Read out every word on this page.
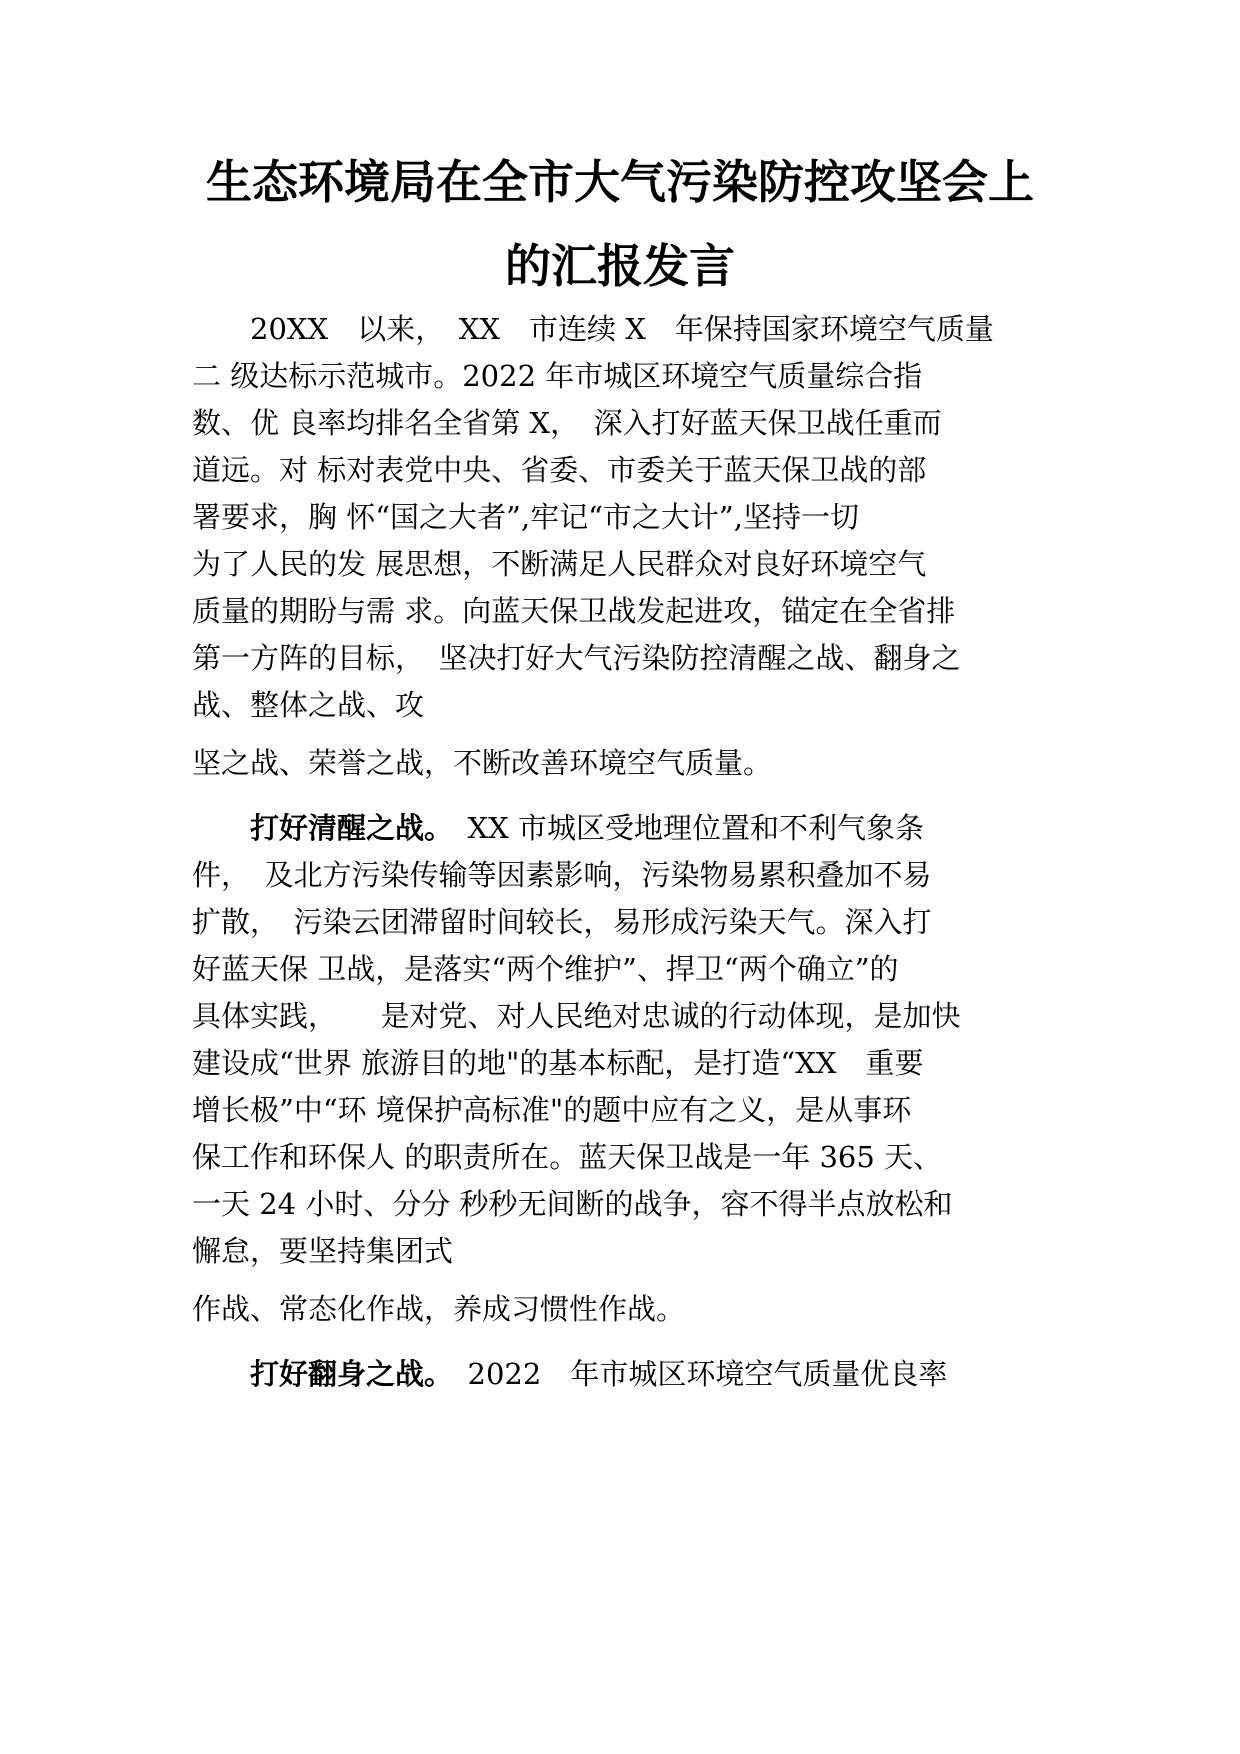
生态环境局在全市大气污染防控攻坚会上
的汇报发言
　　20XX　以来，　XX　市连续 X　年保持国家环境空气质量
二 级达标示范城市。2022 年市城区环境空气质量综合指
数、优 良率均排名全省第 X，　深入打好蓝天保卫战任重而
道远。对 标对表党中央、省委、市委关于蓝天保卫战的部
署要求，胸 怀“国之大者”,牢记“市之大计”,坚持一切
为了人民的发 展思想，不断满足人民群众对良好环境空气
质量的期盼与需 求。向蓝天保卫战发起进攻，锚定在全省排
第一方阵的目标，　坚决打好大气污染防控清醒之战、翻身之
战、整体之战、攻
坚之战、荣誉之战，不断改善环境空气质量。
打好清醒之战。　XX 市城区受地理位置和不利气象条
件，　及北方污染传输等因素影响，污染物易累积叠加不易
扩散，　污染云团滞留时间较长，易形成污染天气。深入打
好蓝天保 卫战，是落实“两个维护”、捍卫“两个确立”的
具体实践，　　是对党、对人民绝对忠诚的行动体现，是加快
建设成“世界 旅游目的地"的基本标配，是打造“XX　重要
增长极”中“环 境保护高标准"的题中应有之义，是从事环
保工作和环保人 的职责所在。蓝天保卫战是一年 365 天、
一天 24 小时、分分 秒秒无间断的战争，容不得半点放松和
懈怠，要坚持集团式
作战、常态化作战，养成习惯性作战。
打好翻身之战。　2022　年市城区环境空气质量优良率
